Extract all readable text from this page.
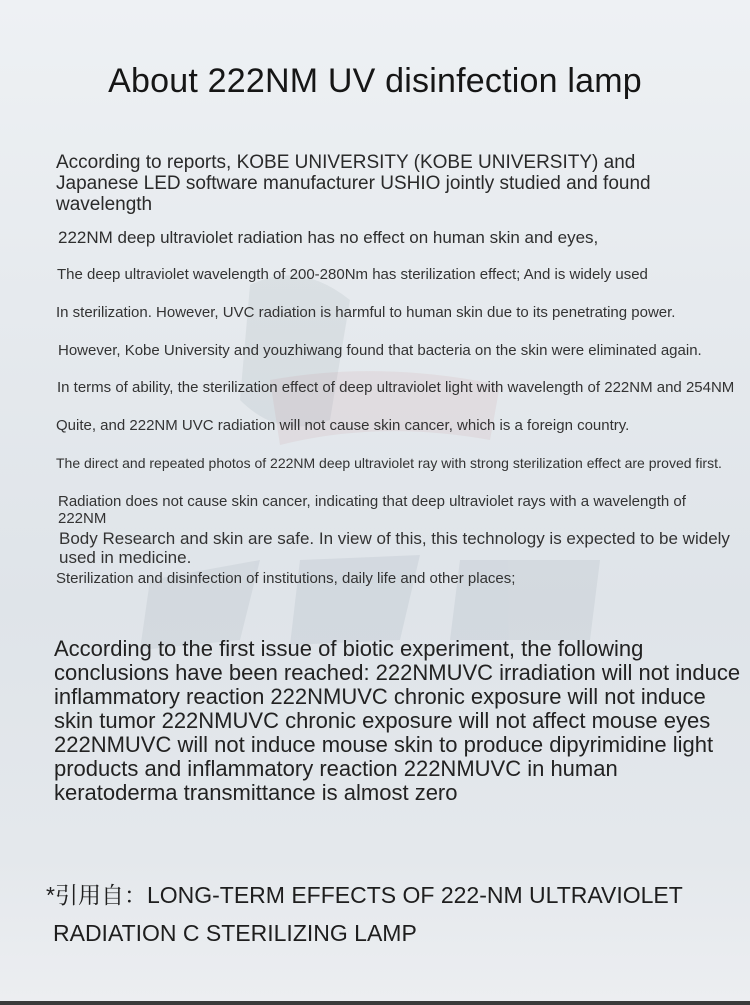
About 222NM UV disinfection lamp
According to reports, KOBE UNIVERSITY (KOBE UNIVERSITY) and Japanese LED software manufacturer USHIO jointly studied and found wavelength
222NM deep ultraviolet radiation has no effect on human skin and eyes,
The deep ultraviolet wavelength of 200-280Nm has sterilization effect; And is widely used
In sterilization. However, UVC radiation is harmful to human skin due to its penetrating power.
However, Kobe University and youzhiwang found that bacteria on the skin were eliminated again.
In terms of ability, the sterilization effect of deep ultraviolet light with wavelength of 222NM and 254NM
Quite, and 222NM UVC radiation will not cause skin cancer, which is a foreign country.
The direct and repeated photos of 222NM deep ultraviolet ray with strong sterilization effect are proved first.
Radiation does not cause skin cancer, indicating that deep ultraviolet rays with a wavelength of 222NM
Body Research and skin are safe. In view of this, this technology is expected to be widely used in medicine.
Sterilization and disinfection of institutions, daily life and other places;
According to the first issue of biotic experiment, the following conclusions have been reached: 222NMUVC irradiation will not induce inflammatory reaction 222NMUVC chronic exposure will not induce skin tumor 222NMUVC chronic exposure will not affect mouse eyes 222NMUVC will not induce mouse skin to produce dipyrimidine light products and inflammatory reaction 222NMUVC in human keratoderma transmittance is almost zero
*引用自：LONG-TERM EFFECTS OF 222-NM ULTRAVIOLET
RADIATION C STERILIZING LAMP
